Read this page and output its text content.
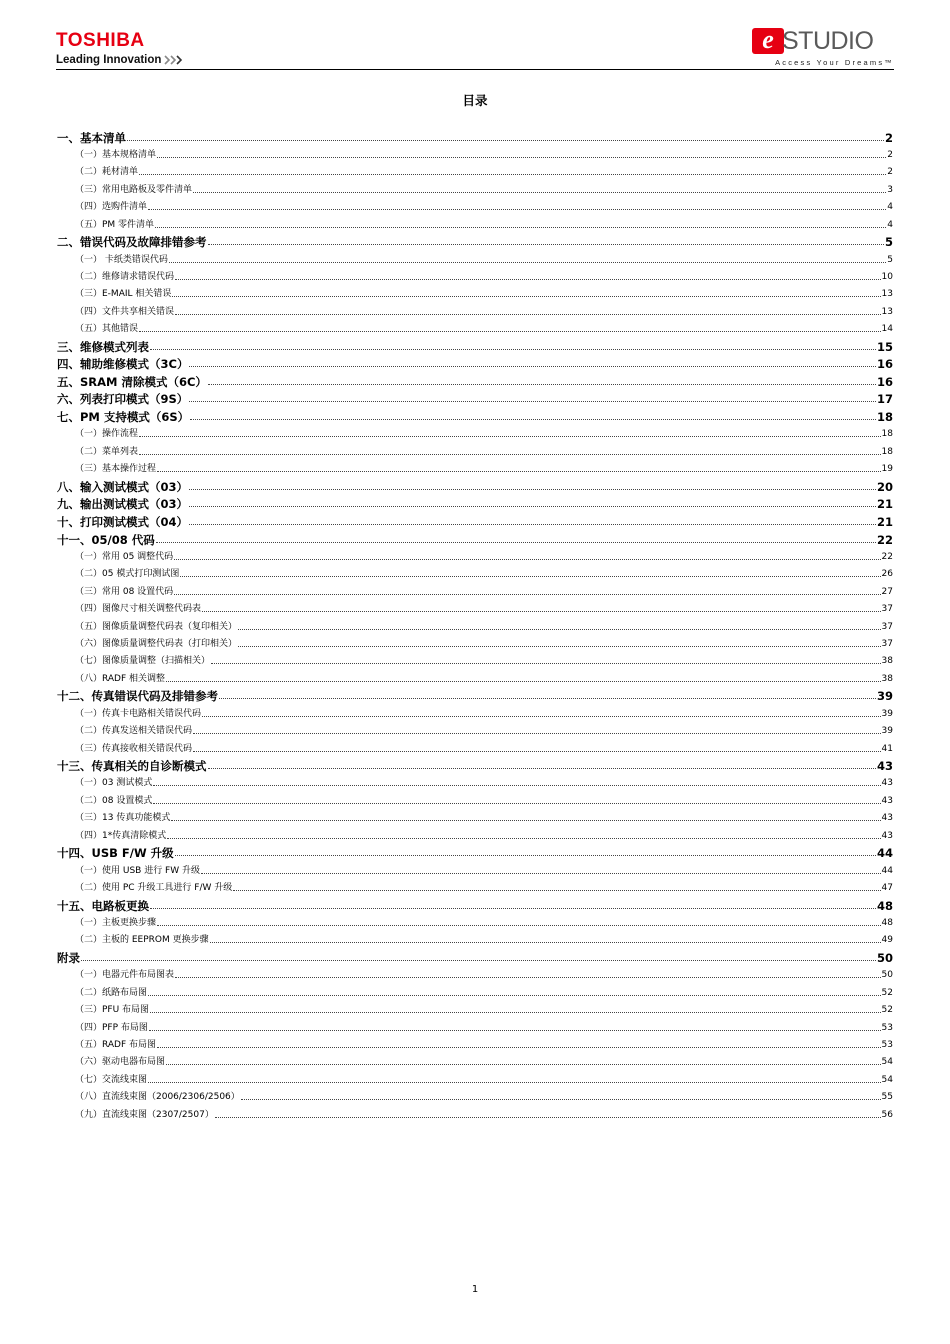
TOSHIBA
Leading Innovation
e STUDIO
Access Your Dreams™
目录
一、基本清单	2
（一）基本规格清单	2
（二）耗材清单	2
（三）常用电路板及零件清单	3
（四）选购件清单	4
（五）PM 零件清单	4
二、错误代码及故障排错参考	5
（一） 卡纸类错误代码	5
（二）维修请求错误代码	10
（三）E-MAIL 相关错误	13
（四）文件共享相关错误	13
（五）其他错误	14
三、维修模式列表	15
四、辅助维修模式（3C）	16
五、SRAM 清除模式（6C）	16
六、列表打印模式（9S）	17
七、PM 支持模式（6S）	18
（一）操作流程	18
（二）菜单列表	18
（三）基本操作过程	19
八、输入测试模式（03）	20
九、输出测试模式（03）	21
十、打印测试模式（04）	21
十一、05/08 代码	22
（一）常用 05 调整代码	22
（二）05 模式打印测试图	26
（三）常用 08 设置代码	27
（四）图像尺寸相关调整代码表	37
（五）图像质量调整代码表（复印相关）	37
（六）图像质量调整代码表（打印相关）	37
（七）图像质量调整（扫描相关）	38
（八）RADF 相关调整	38
十二、传真错误代码及排错参考	39
（一）传真卡电路相关错误代码	39
（二）传真发送相关错误代码	39
（三）传真接收相关错误代码	41
十三、传真相关的自诊断模式	43
（一）03 测试模式	43
（二）08 设置模式	43
（三）13 传真功能模式	43
（四）1*传真清除模式	43
十四、USB F/W 升级	44
（一）使用 USB 进行 FW 升级	44
（二）使用 PC 升级工具进行 F/W 升级	47
十五、电路板更换	48
（一）主板更换步骤	48
（二）主板的 EEPROM 更换步骤	49
附录	50
（一）电器元件布局图表	50
（二）纸路布局图	52
（三）PFU 布局图	52
（四）PFP 布局图	53
（五）RADF 布局图	53
（六）驱动电器布局图	54
（七）交流线束图	54
（八）直流线束图（2006/2306/2506）	55
（九）直流线束图（2307/2507）	56
1
